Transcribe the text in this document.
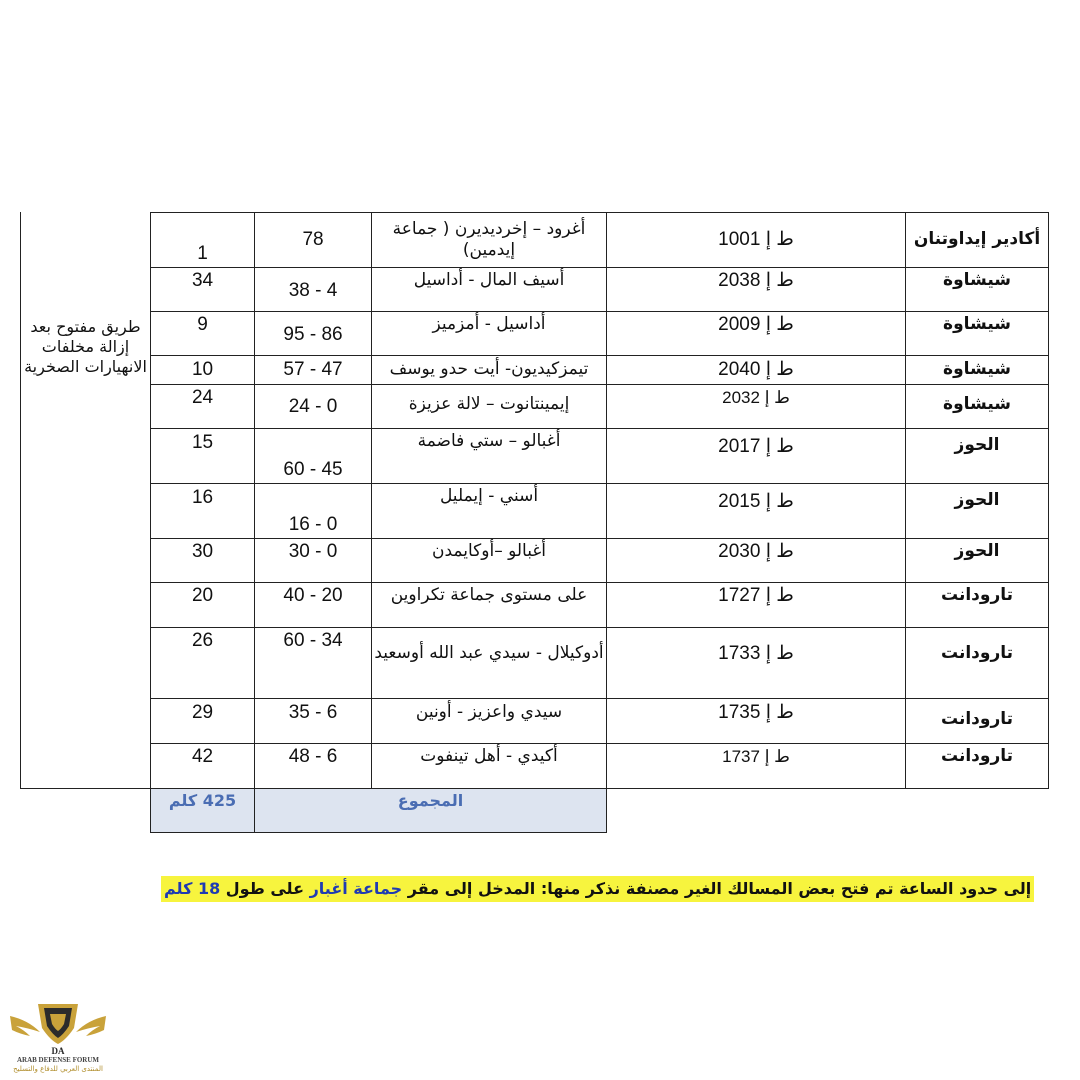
طريق مفتوح بعد إزالة مخلفات الانهيارات الصخرية
أكادير إيداوتنان
ط إ 1001
أغرود – إخرديديرن ( جماعة إيدمين)
78
1
شيشاوة
ط إ 2038
أسيف المال - أداسيل
4 - 38
34
شيشاوة
ط إ 2009
أداسيل - أمزميز
86 - 95
9
شيشاوة
ط إ 2040
تيمزكيديون- أيت حدو يوسف
47 - 57
10
شيشاوة
ط إ 2032
إيمينتانوت – لالة عزيزة
0 - 24
24
الحوز
ط إ 2017
أغبالو – ستي فاضمة
45 - 60
15
الحوز
ط إ 2015
أسني - إيمليل
0 - 16
16
الحوز
ط إ 2030
أغبالو –أوكايمدن
0 - 30
30
تارودانت
ط إ 1727
على مستوى جماعة تكراوين
20 - 40
20
تارودانت
ط إ 1733
أدوكيلال - سيدي عبد الله أوسعيد
34 - 60
26
تارودانت
ط إ 1735
سيدي واعزيز - أونين
6 - 35
29
تارودانت
ط إ 1737
أكيدي - أهل تينفوت
6 - 48
42
المجموع
425 كلم
إلى حدود الساعة تم فتح بعض المسالك الغير مصنفة نذكر منها: المدخل إلى مقر جماعة أغبار على طول 18 كلم
DA
ARAB DEFENSE FORUM
المنتدى العربي للدفاع والتسليح
